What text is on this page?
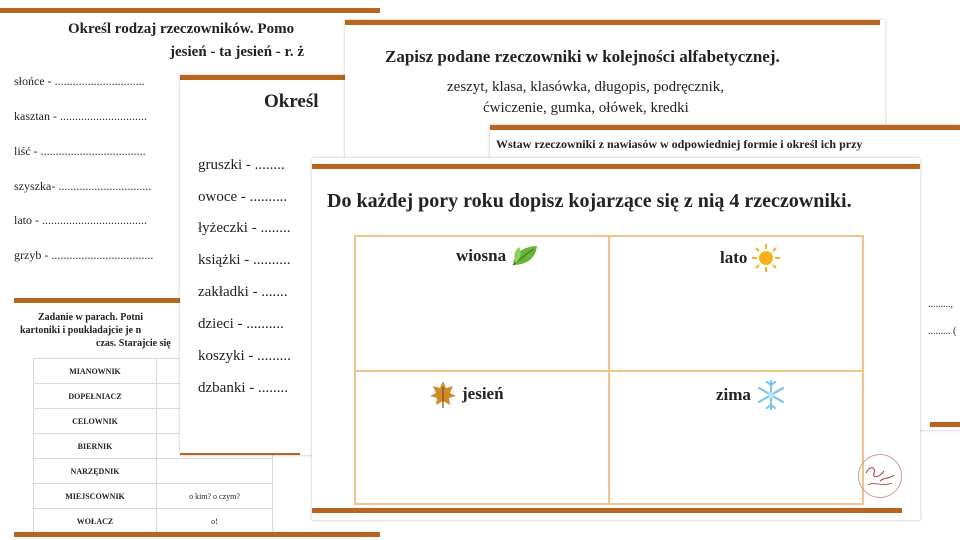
Określ rodzaj rzeczowników. Pomo
jesień - ta jesień - r. ż
słońce - ..............................
kasztan - .............................
liść - ...................................
szyszka- ...............................
lato - ...................................
grzyb - ..................................
Zadanie w parach. Potni
kartoniki i poukładajcie je n
czas. Starajcie się
MIANOWNIK	
DOPEŁNIACZ	
CELOWNIK	
BIERNIK	
NARZĘDNIK	
MIEJSCOWNIK	o kim? o czym?
WOŁACZ	o!
Określ
gruszki - ........
owoce - ..........
łyżeczki - ........
książki - ..........
zakładki - .......
dzieci - ..........
koszyki - .........
dzbanki - ........
Zapisz podane rzeczowniki w kolejności alfabetycznej.
zeszyt, klasa, klasówka, długopis, podręcznik,
ćwiczenie, gumka, ołówek, kredki
Wstaw rzeczowniki z nawiasów w odpowiedniej formie i określ ich przy
.........,
......... (
Do każdej pory roku dopisz kojarzące się z nią 4 rzeczowniki.
wiosna	lato
jesień	zima
